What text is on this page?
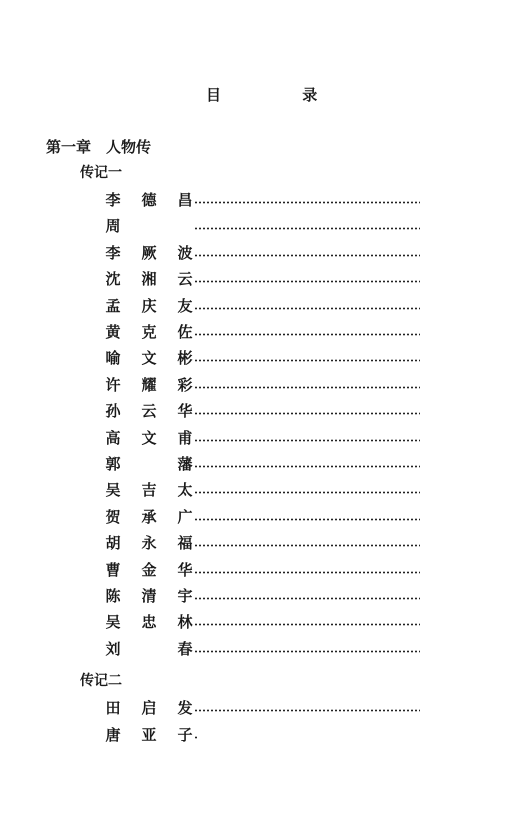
目 录
第一章　人物传
传记一
李 德 昌
周
李 厥 波
沈 湘 云
孟 庆 友
黄 克 佐
喻 文 彬
许 耀 彩
孙 云 华
高 文 甫
郭	藩
吴 吉 太
贺 承 广
胡 永 福
曹 金 华
陈 清 宇
吴 忠 林
刘	春
传记二
田 启 发
唐 亚 子
